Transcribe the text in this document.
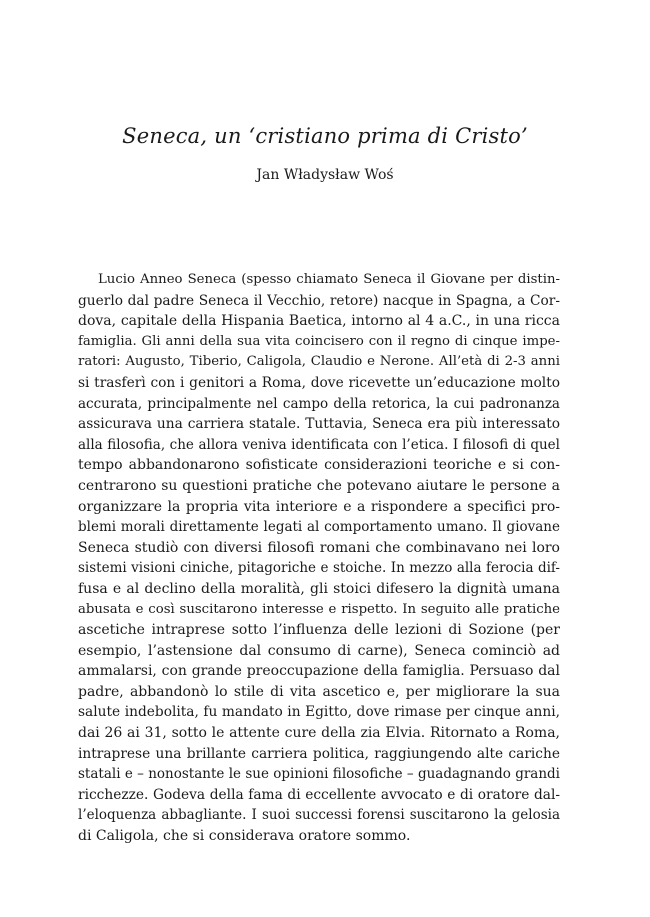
Seneca, un ‘cristiano prima di Cristo’
Jan Władysław Woś
Lucio Anneo Seneca (spesso chiamato Seneca il Giovane per distin-
guerlo dal padre Seneca il Vecchio, retore) nacque in Spagna, a Cor-
dova, capitale della Hispania Baetica, intorno al 4 a.C., in una ricca
famiglia. Gli anni della sua vita coincisero con il regno di cinque impe-
ratori: Augusto, Tiberio, Caligola, Claudio e Nerone. All’età di 2-3 anni
si trasferì con i genitori a Roma, dove ricevette un’educazione molto
accurata, principalmente nel campo della retorica, la cui padronanza
assicurava una carriera statale. Tuttavia, Seneca era più interessato
alla filosofia, che allora veniva identificata con l’etica. I filosofi di quel
tempo abbandonarono sofisticate considerazioni teoriche e si con-
centrarono su questioni pratiche che potevano aiutare le persone a
organizzare la propria vita interiore e a rispondere a specifici pro-
blemi morali direttamente legati al comportamento umano. Il giovane
Seneca studiò con diversi filosofi romani che combinavano nei loro
sistemi visioni ciniche, pitagoriche e stoiche. In mezzo alla ferocia dif-
fusa e al declino della moralità, gli stoici difesero la dignità umana
abusata e così suscitarono interesse e rispetto. In seguito alle pratiche
ascetiche intraprese sotto l’influenza delle lezioni di Sozione (per
esempio, l’astensione dal consumo di carne), Seneca cominciò ad
ammalarsi, con grande preoccupazione della famiglia. Persuaso dal
padre, abbandonò lo stile di vita ascetico e, per migliorare la sua
salute indebolita, fu mandato in Egitto, dove rimase per cinque anni,
dai 26 ai 31, sotto le attente cure della zia Elvia. Ritornato a Roma,
intraprese una brillante carriera politica, raggiungendo alte cariche
statali e – nonostante le sue opinioni filosofiche – guadagnando grandi
ricchezze. Godeva della fama di eccellente avvocato e di oratore dal-
l’eloquenza abbagliante. I suoi successi forensi suscitarono la gelosia
di Caligola, che si considerava oratore sommo.
